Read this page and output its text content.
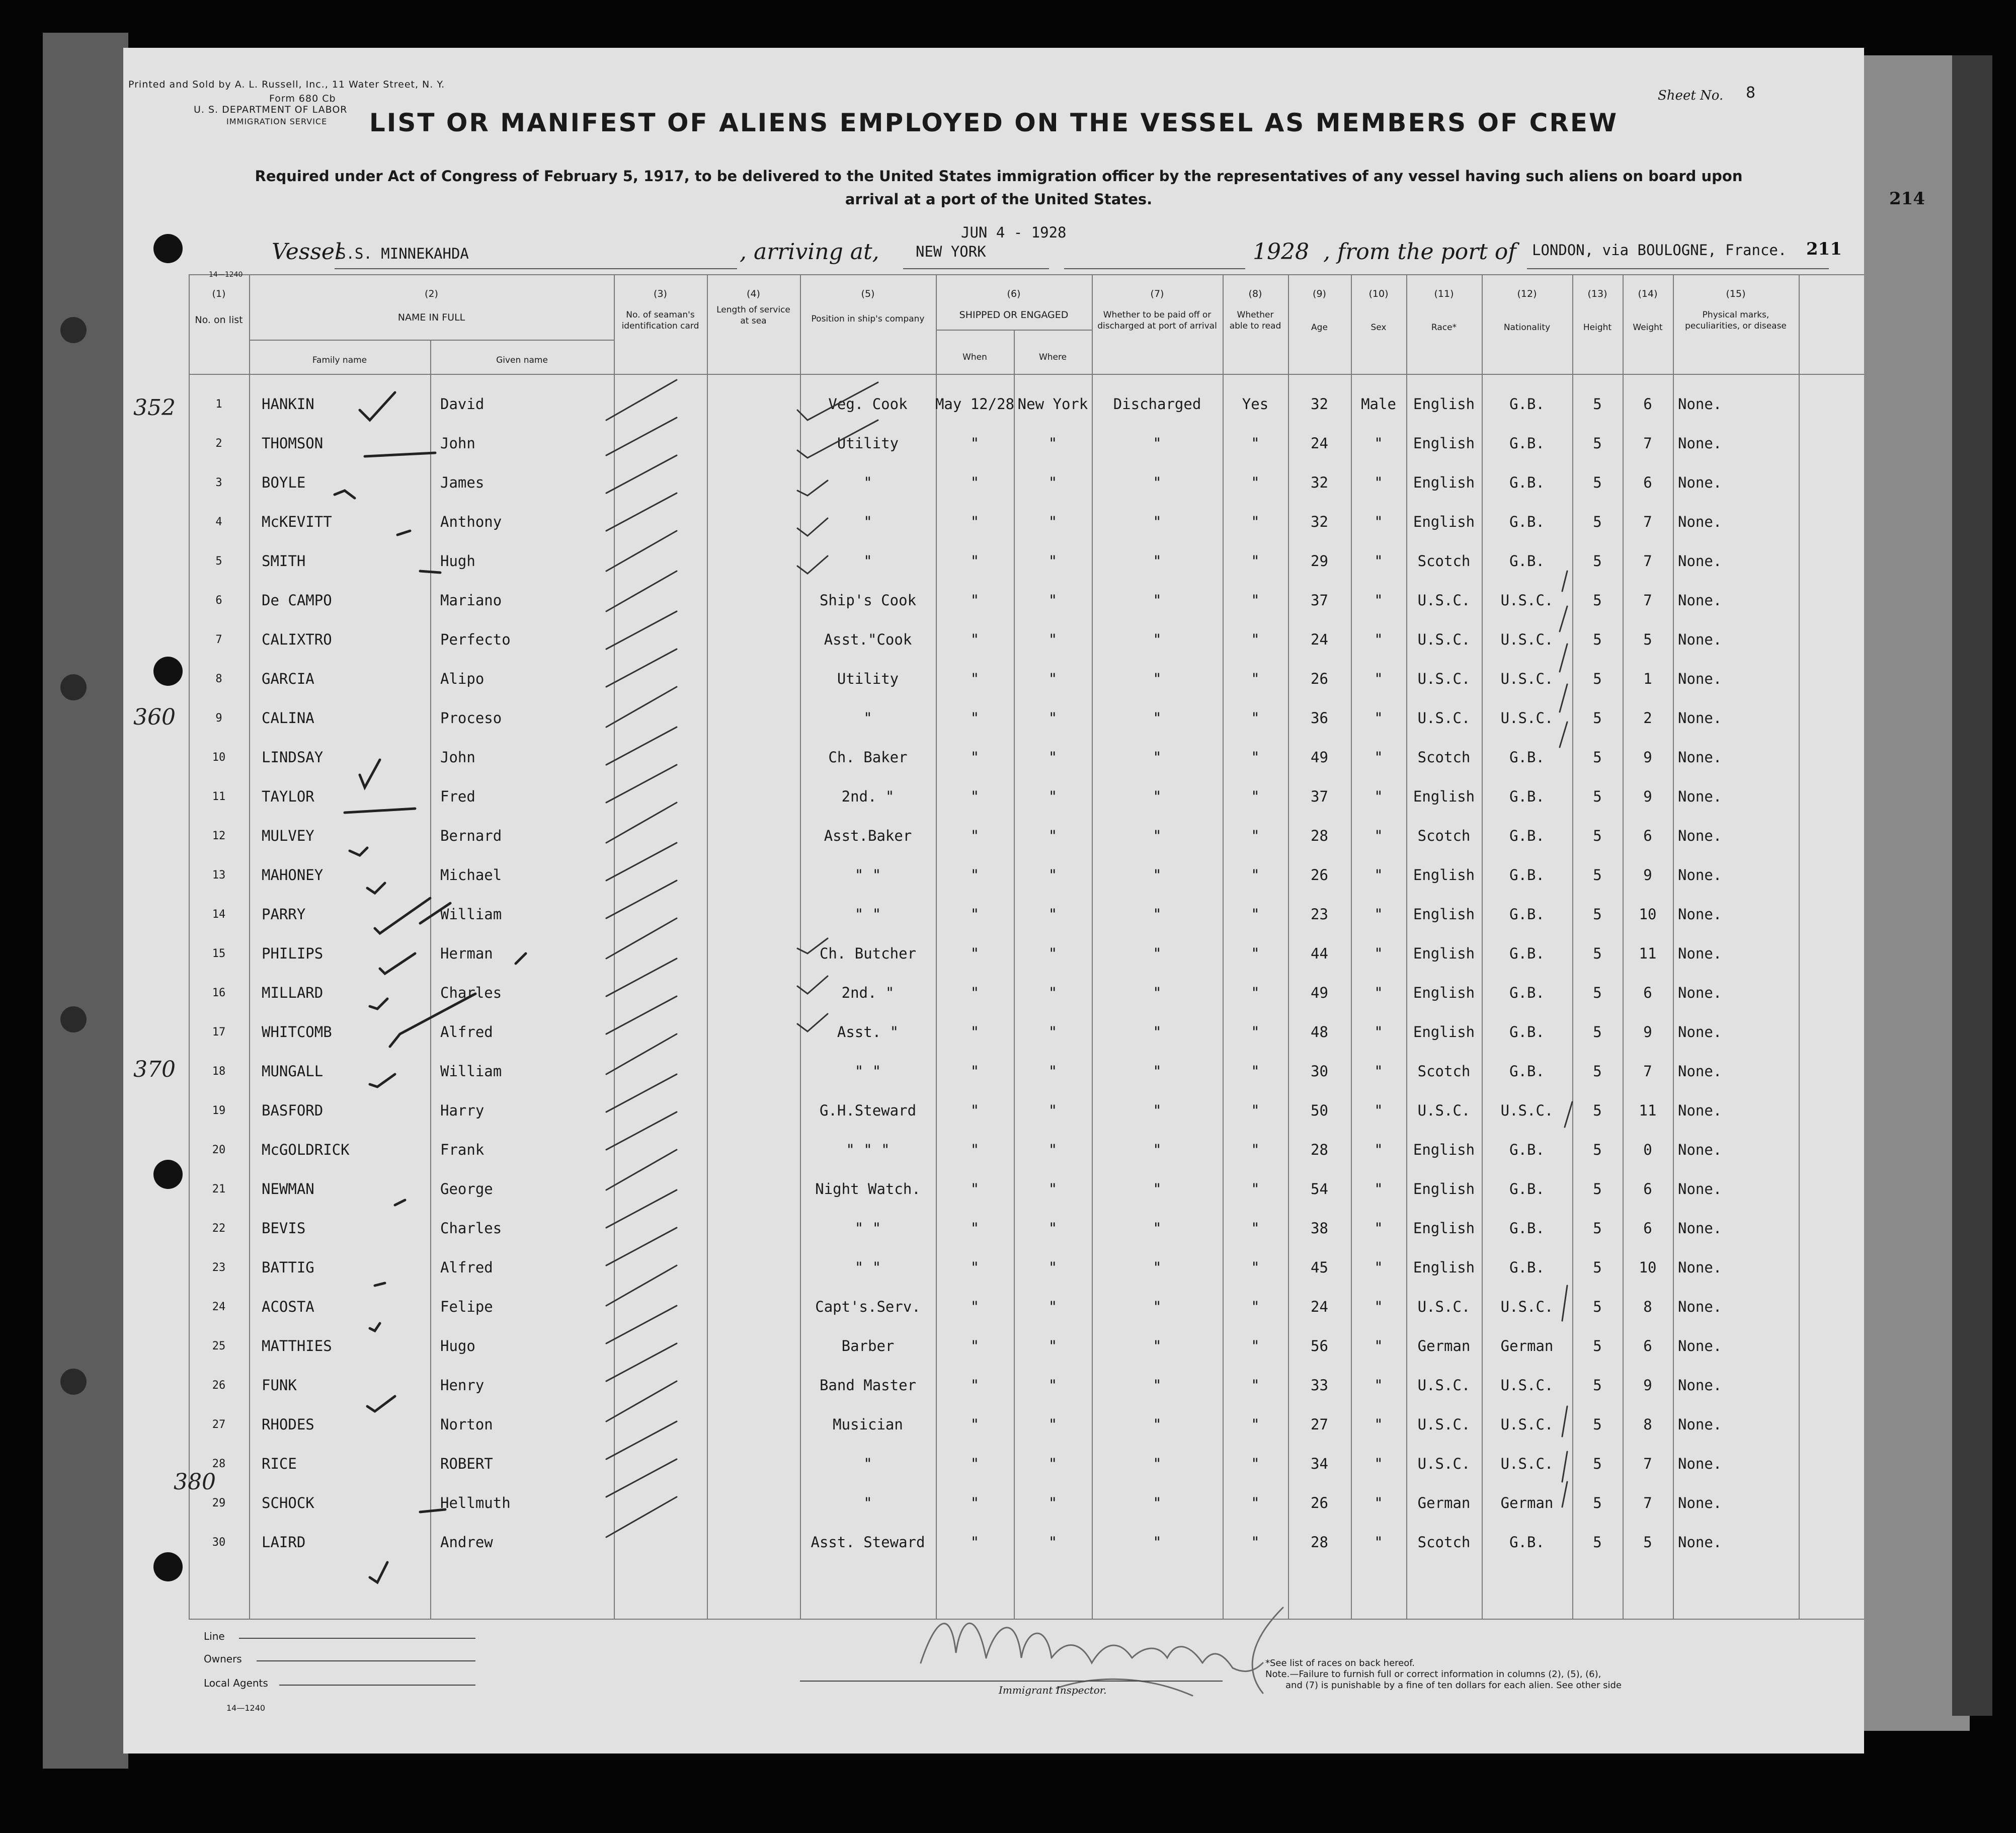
Printed and Sold by A. L. Russell, Inc., 11 Water Street, N. Y.
Form 680 Cb
U. S. DEPARTMENT OF LABOR
IMMIGRATION SERVICE
Sheet No. 8
LIST OR MANIFEST OF ALIENS EMPLOYED ON THE VESSEL AS MEMBERS OF CREW
Required under Act of Congress of February 5, 1917, to be delivered to the United States immigration officer by the representatives of any vessel having such aliens on board upon arrival at a port of the United States.
Vessel
S.S. MINNEKAHDA	, arriving at, NEW YORK
JUN 4 - 1928
1928 , from the port of LONDON, via BOULOGNE, France.
214
211
14—1240
(1)	(2)	(3)	(4)	(5)	(6)	(7)	(8)	(9)	(10)	(11)	(12)	(13)	(14)	(15)
No. on list	NAME IN FULL
Family name	Given name
No. of seaman's identification card
Length of service at sea	Position in ship's company	SHIPPED OR ENGAGED
When	Where
Whether to be paid off or discharged at port of arrival
Whether able to read	Age	Sex	Race*	Nationality	Height	Weight
Physical marks, peculiarities, or disease
1	HANKIN	David	Veg. Cook	May 12/28 New York	Discharged	Yes	32	Male	English	G.B.	5	6	None.
2	THOMSON	John	Utility	"	"	"	"	24	"	English	G.B.	5	7	None.
3	BOYLE	James	"	"	"	"	"	32	"	English	G.B.	5	6	None.
4	McKEVITT	Anthony	"	"	"	"	"	32	"	English	G.B.	5	7	None.
5	SMITH	Hugh	"	"	"	"	"	29	"	Scotch	G.B.	5	7	None.
6	De CAMPO	Mariano	Ship's Cook	"	"	"	"	37	"	U.S.C.	U.S.C.	5	7	None.
7	CALIXTRO	Perfecto	Asst."Cook	"	"	"	"	24	"	U.S.C.	U.S.C.	5	5	None.
8	GARCIA	Alipo	Utility	"	"	"	"	26	"	U.S.C.	U.S.C.	5	1	None.
9	CALINA	Proceso	"	"	"	"	"	36	"	U.S.C.	U.S.C.	5	2	None.
10	LINDSAY	John	Ch. Baker	"	"	"	"	49	"	Scotch	G.B.	5	9	None.
11	TAYLOR	Fred	2nd. "	"	"	"	"	37	"	English	G.B.	5	9	None.
12	MULVEY	Bernard	Asst.Baker	"	"	"	"	28	"	Scotch	G.B.	5	6	None.
13	MAHONEY	Michael	" "	"	"	"	"	26	"	English	G.B.	5	9	None.
14	PARRY	William	" "	"	"	"	"	23	"	English	G.B.	5	10	None.
15	PHILIPS	Herman	Ch. Butcher	"	"	"	"	44	"	English	G.B.	5	11	None.
16	MILLARD	Charles	2nd. "	"	"	"	"	49	"	English	G.B.	5	6	None.
17	WHITCOMB	Alfred	Asst. "	"	"	"	"	48	"	English	G.B.	5	9	None.
18	MUNGALL	William	" "	"	"	"	"	30	"	Scotch	G.B.	5	7	None.
19	BASFORD	Harry	G.H.Steward	"	"	"	"	50	"	U.S.C.	U.S.C.	5	11	None.
20	McGOLDRICK	Frank	" " "	"	"	"	"	28	"	English	G.B.	5	0	None.
21	NEWMAN	George	Night Watch.	"	"	"	"	54	"	English	G.B.	5	6	None.
22	BEVIS	Charles	" "	"	"	"	"	38	"	English	G.B.	5	6	None.
23	BATTIG	Alfred	" "	"	"	"	"	45	"	English	G.B.	5	10	None.
24	ACOSTA	Felipe	Capt's.Serv.	"	"	"	"	24	"	U.S.C.	U.S.C.	5	8	None.
25	MATTHIES	Hugo	Barber	"	"	"	"	56	"	German	German	5	6	None.
26	FUNK	Henry	Band Master	"	"	"	"	33	"	U.S.C.	U.S.C.	5	9	None.
27	RHODES	Norton	Musician	"	"	"	"	27	"	U.S.C.	U.S.C.	5	8	None.
28	RICE	ROBERT	"	"	"	"	"	34	"	U.S.C.	U.S.C.	5	7	None.
29	SCHOCK	Hellmuth	"	"	"	"	"	26	"	German	German	5	7	None.
30	LAIRD	Andrew	Asst. Steward	"	"	"	"	28	"	Scotch	G.B.	5	5	None.
352
360
370
380
Line
Owners
Local Agents
14—1240
Immigrant Inspector.
*See list of races on back hereof.
Note.—Failure to furnish full or correct information in columns (2), (5), (6),
and (7) is punishable by a fine of ten dollars for each alien. See other side
